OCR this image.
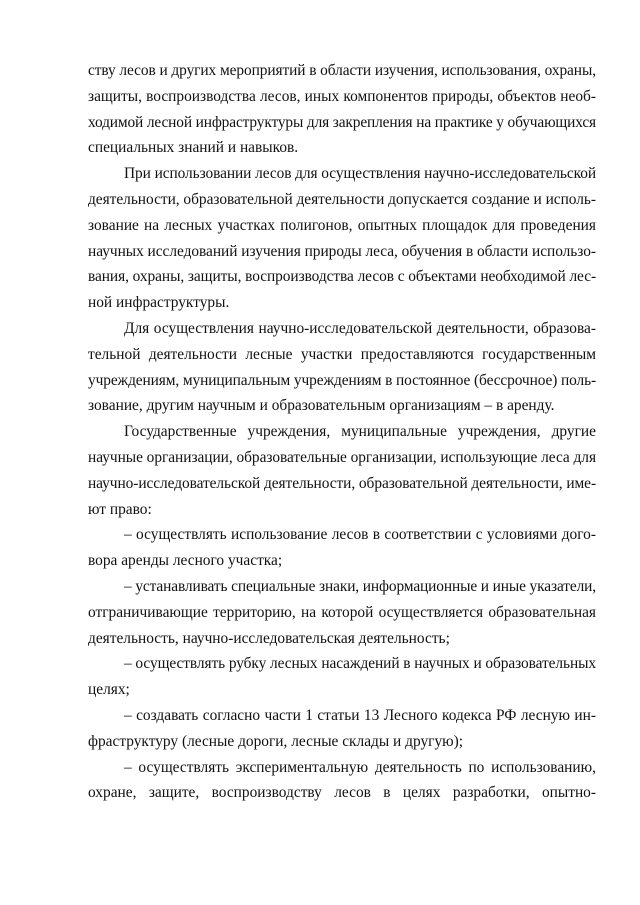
ству лесов и других мероприятий в области изучения, использования, охраны,
защиты, воспроизводства лесов, иных компонентов природы, объектов необ-
ходимой лесной инфраструктуры для закрепления на практике у обучающихся
специальных знаний и навыков.
При использовании лесов для осуществления научно-исследовательской
деятельности, образовательной деятельности допускается создание и исполь-
зование на лесных участках полигонов, опытных площадок для проведения
научных исследований изучения природы леса, обучения в области использо-
вания, охраны, защиты, воспроизводства лесов с объектами необходимой лес-
ной инфраструктуры.
Для осуществления научно-исследовательской деятельности, образова-
тельной деятельности лесные участки предоставляются государственным
учреждениям, муниципальным учреждениям в постоянное (бессрочное) поль-
зование, другим научным и образовательным организациям – в аренду.
Государственные учреждения, муниципальные учреждения, другие
научные организации, образовательные организации, использующие леса для
научно-исследовательской деятельности, образовательной деятельности, име-
ют право:
– осуществлять использование лесов в соответствии с условиями дого-
вора аренды лесного участка;
– устанавливать специальные знаки, информационные и иные указатели,
отграничивающие территорию, на которой осуществляется образовательная
деятельность, научно-исследовательская деятельность;
– осуществлять рубку лесных насаждений в научных и образовательных
целях;
– создавать согласно части 1 статьи 13 Лесного кодекса РФ лесную ин-
фраструктуру (лесные дороги, лесные склады и другую);
– осуществлять экспериментальную деятельность по использованию,
охране, защите, воспроизводству лесов в целях разработки, опытно-
